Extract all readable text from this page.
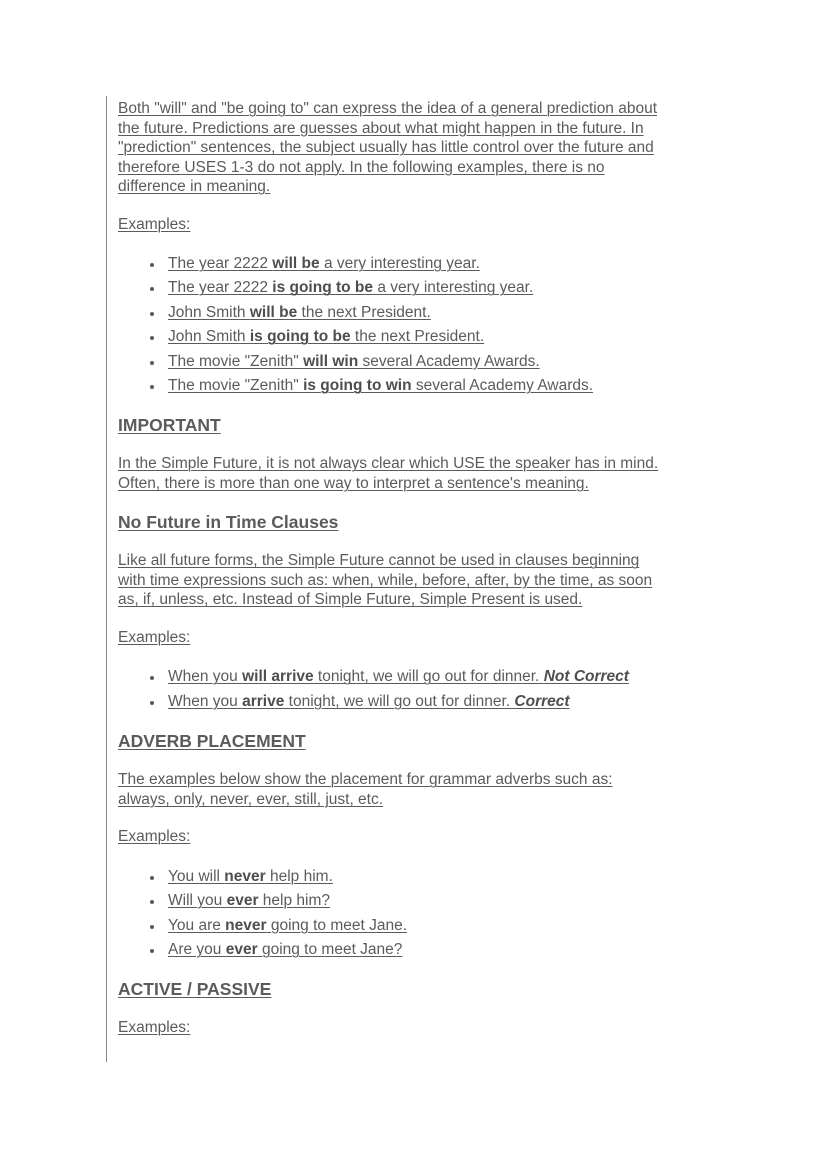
Both "will" and "be going to" can express the idea of a general prediction about
the future. Predictions are guesses about what might happen in the future. In
"prediction" sentences, the subject usually has little control over the future and
therefore USES 1-3 do not apply. In the following examples, there is no
difference in meaning.

Examples:

The year 2222 will be a very interesting year.
The year 2222 is going to be a very interesting year.
John Smith will be the next President.
John Smith is going to be the next President.
The movie "Zenith" will win several Academy Awards.
The movie "Zenith" is going to win several Academy Awards.
IMPORTANT

In the Simple Future, it is not always clear which USE the speaker has in mind.
Often, there is more than one way to interpret a sentence's meaning.

No Future in Time Clauses

Like all future forms, the Simple Future cannot be used in clauses beginning
with time expressions such as: when, while, before, after, by the time, as soon
as, if, unless, etc. Instead of Simple Future, Simple Present is used.

Examples:

When you will arrive tonight, we will go out for dinner. Not Correct
When you arrive tonight, we will go out for dinner. Correct
ADVERB PLACEMENT

The examples below show the placement for grammar adverbs such as:
always, only, never, ever, still, just, etc.

Examples:

You will never help him.
Will you ever help him?
You are never going to meet Jane.
Are you ever going to meet Jane?
ACTIVE / PASSIVE

Examples:
